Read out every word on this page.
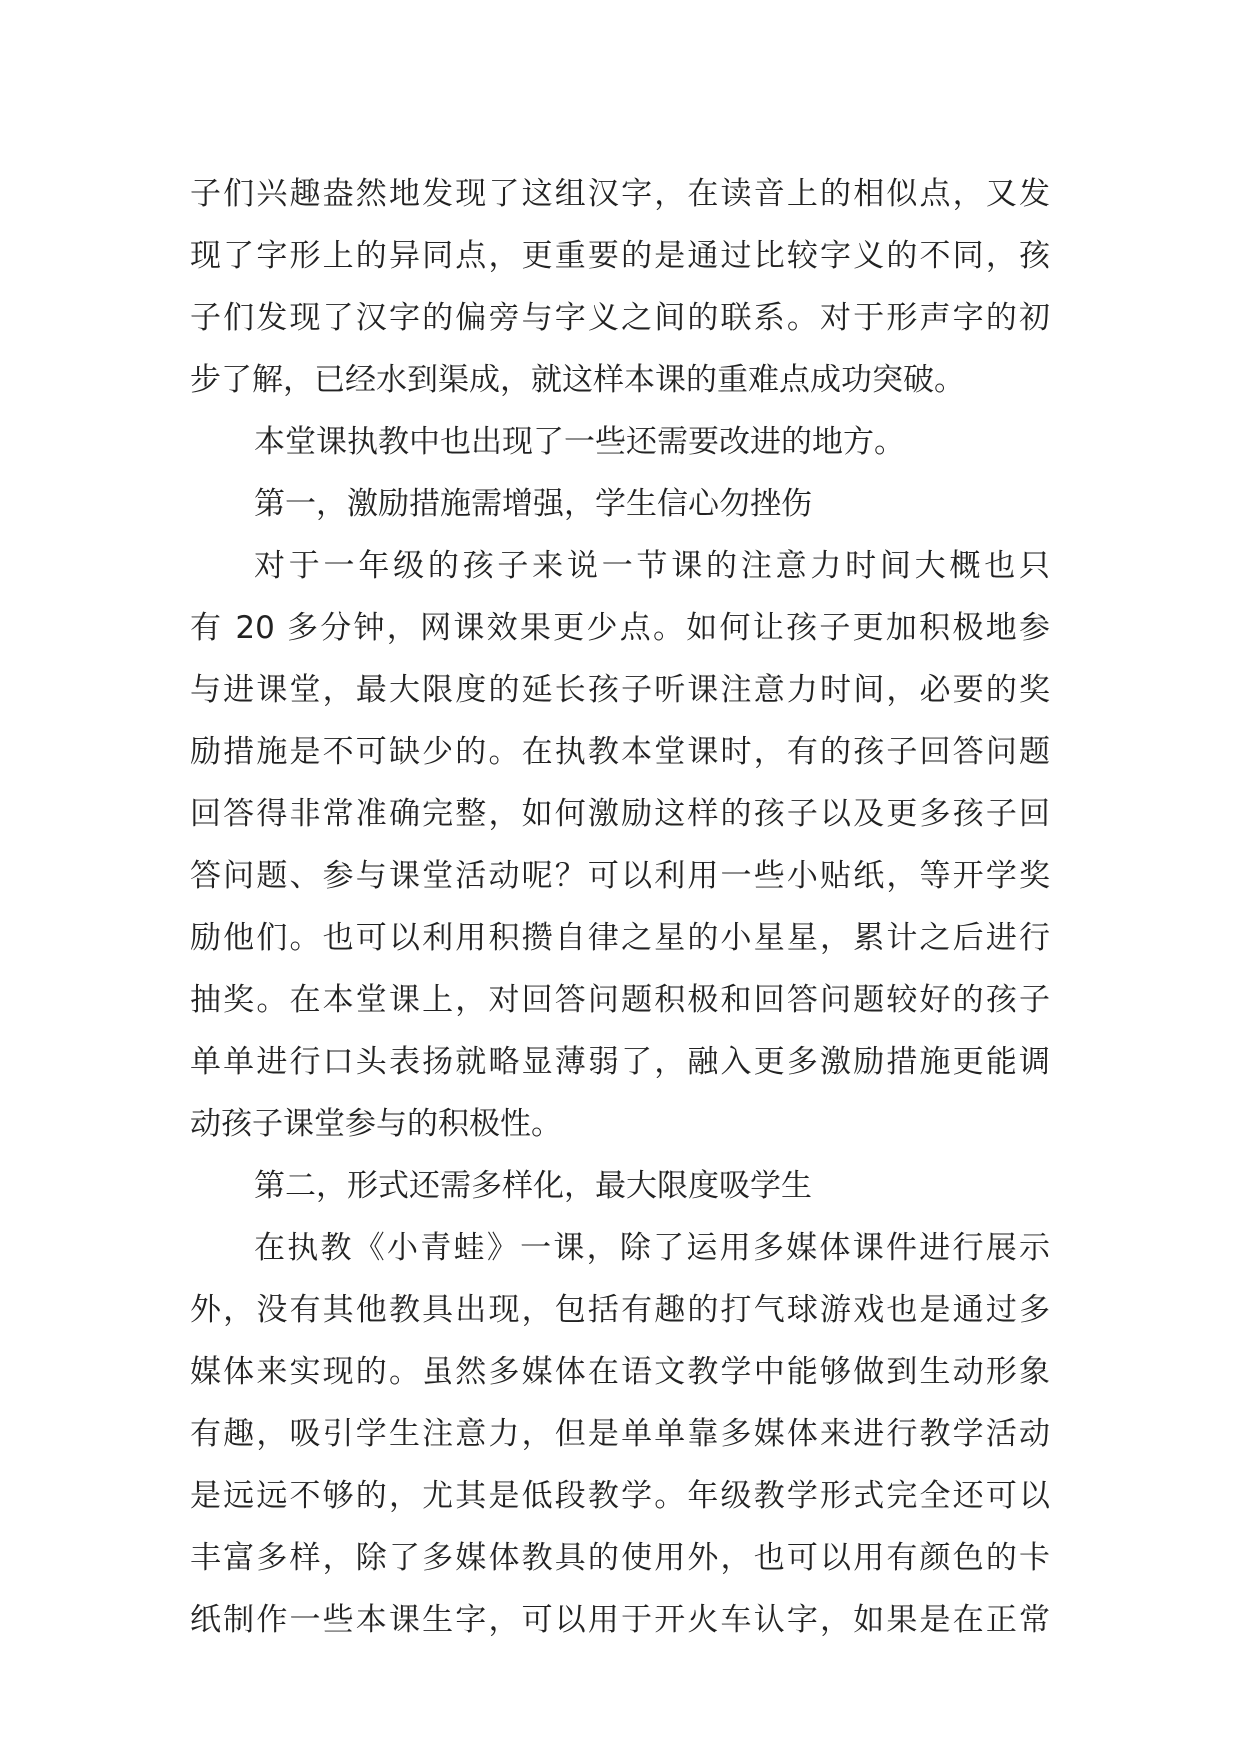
子们兴趣盎然地发现了这组汉字，在读音上的相似点，又发
现了字形上的异同点，更重要的是通过比较字义的不同，孩
子们发现了汉字的偏旁与字义之间的联系。对于形声字的初
步了解，已经水到渠成，就这样本课的重难点成功突破。
本堂课执教中也出现了一些还需要改进的地方。
第一，激励措施需增强，学生信心勿挫伤
对于一年级的孩子来说一节课的注意力时间大概也只
有 20 多分钟，网课效果更少点。如何让孩子更加积极地参
与进课堂，最大限度的延长孩子听课注意力时间，必要的奖
励措施是不可缺少的。在执教本堂课时，有的孩子回答问题
回答得非常准确完整，如何激励这样的孩子以及更多孩子回
答问题、参与课堂活动呢？可以利用一些小贴纸，等开学奖
励他们。也可以利用积攒自律之星的小星星，累计之后进行
抽奖。在本堂课上，对回答问题积极和回答问题较好的孩子
单单进行口头表扬就略显薄弱了，融入更多激励措施更能调
动孩子课堂参与的积极性。
第二，形式还需多样化，最大限度吸学生
在执教《小青蛙》一课，除了运用多媒体课件进行展示
外，没有其他教具出现，包括有趣的打气球游戏也是通过多
媒体来实现的。虽然多媒体在语文教学中能够做到生动形象
有趣，吸引学生注意力，但是单单靠多媒体来进行教学活动
是远远不够的，尤其是低段教学。年级教学形式完全还可以
丰富多样，除了多媒体教具的使用外，也可以用有颜色的卡
纸制作一些本课生字，可以用于开火车认字，如果是在正常
